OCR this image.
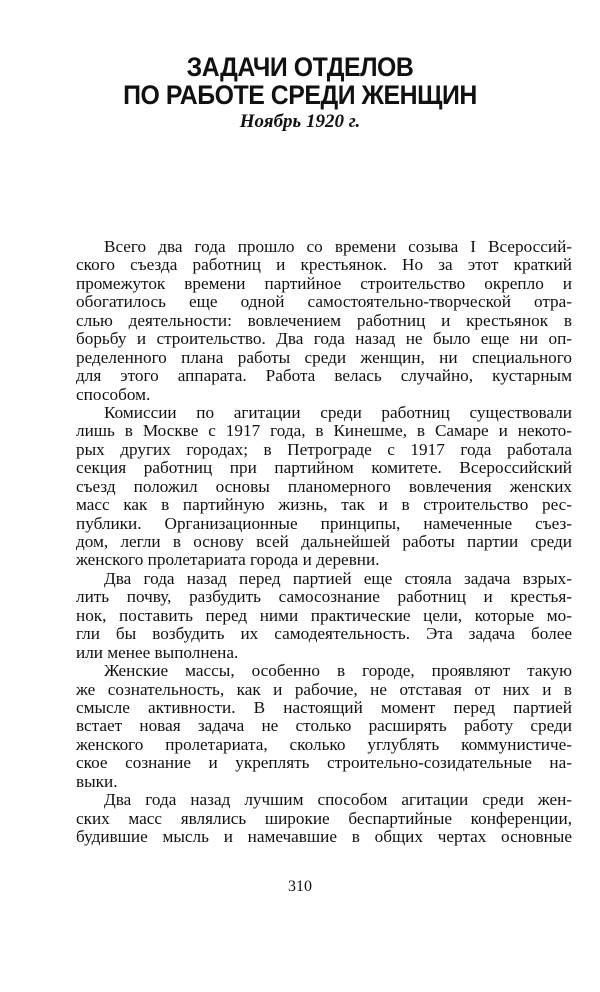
ЗАДАЧИ ОТДЕЛОВ
ПО РАБОТЕ СРЕДИ ЖЕНЩИН
Ноябрь 1920 г.
Всего два года прошло со времени созыва I Всероссий-
ского съезда работниц и крестьянок. Но за этот краткий
промежуток времени партийное строительство окрепло и
обогатилось еще одной самостоятельно-творческой отра-
слью деятельности: вовлечением работниц и крестьянок в
борьбу и строительство. Два года назад не было еще ни оп-
ределенного плана работы среди женщин, ни специального
для этого аппарата. Работа велась случайно, кустарным
способом.
Комиссии по агитации среди работниц существовали
лишь в Москве с 1917 года, в Кинешме, в Самаре и некото-
рых других городах; в Петрограде с 1917 года работала
секция работниц при партийном комитете. Всероссийский
съезд положил основы планомерного вовлечения женских
масс как в партийную жизнь, так и в строительство рес-
публики. Организационные принципы, намеченные съез-
дом, легли в основу всей дальнейшей работы партии среди
женского пролетариата города и деревни.
Два года назад перед партией еще стояла задача взрых-
лить почву, разбудить самосознание работниц и крестья-
нок, поставить перед ними практические цели, которые мо-
гли бы возбудить их самодеятельность. Эта задача более
или менее выполнена.
Женские массы, особенно в городе, проявляют такую
же сознательность, как и рабочие, не отставая от них и в
смысле активности. В настоящий момент перед партией
встает новая задача не столько расширять работу среди
женского пролетариата, сколько углублять коммунистиче-
ское сознание и укреплять строительно-созидательные на-
выки.
Два года назад лучшим способом агитации среди жен-
ских масс являлись широкие беспартийные конференции,
будившие мысль и намечавшие в общих чертах основные
310
